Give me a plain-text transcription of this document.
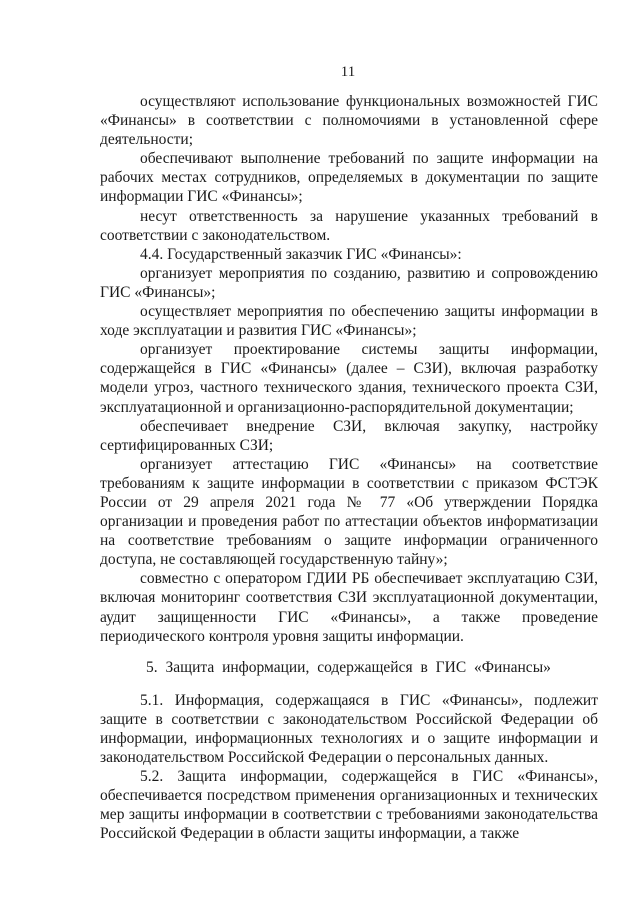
11

осуществляют использование функциональных возможностей ГИС «Финансы» в соответствии с полномочиями в установленной сфере деятельности;

обеспечивают выполнение требований по защите информации на рабочих местах сотрудников, определяемых в документации по защите информации ГИС «Финансы»;

несут ответственность за нарушение указанных требований в соответствии с законодательством.

4.4. Государственный заказчик ГИС «Финансы»:

организует мероприятия по созданию, развитию и сопровождению ГИС «Финансы»;

осуществляет мероприятия по обеспечению защиты информации в ходе эксплуатации и развития ГИС «Финансы»;

организует проектирование системы защиты информации, содержащейся в ГИС «Финансы» (далее – СЗИ), включая разработку модели угроз, частного технического здания, технического проекта СЗИ, эксплуатационной и организационно-распорядительной документации;

обеспечивает внедрение СЗИ, включая закупку, настройку сертифицированных СЗИ;

организует аттестацию ГИС «Финансы» на соответствие требованиям к защите информации в соответствии с приказом ФСТЭК России от 29 апреля 2021 года № 77 «Об утверждении Порядка организации и проведения работ по аттестации объектов информатизации на соответствие требованиям о защите информации ограниченного доступа, не составляющей государственную тайну»;

совместно с оператором ГДИИ РБ обеспечивает эксплуатацию СЗИ, включая мониторинг соответствия СЗИ эксплуатационной документации, аудит защищенности ГИС «Финансы», а также проведение периодического контроля уровня защиты информации.

5. Защита информации, содержащейся в ГИС «Финансы»

5.1. Информация, содержащаяся в ГИС «Финансы», подлежит защите в соответствии с законодательством Российской Федерации об информации, информационных технологиях и о защите информации и законодательством Российской Федерации о персональных данных.

5.2. Защита информации, содержащейся в ГИС «Финансы», обеспечивается посредством применения организационных и технических мер защиты информации в соответствии с требованиями законодательства Российской Федерации в области защиты информации, а также
